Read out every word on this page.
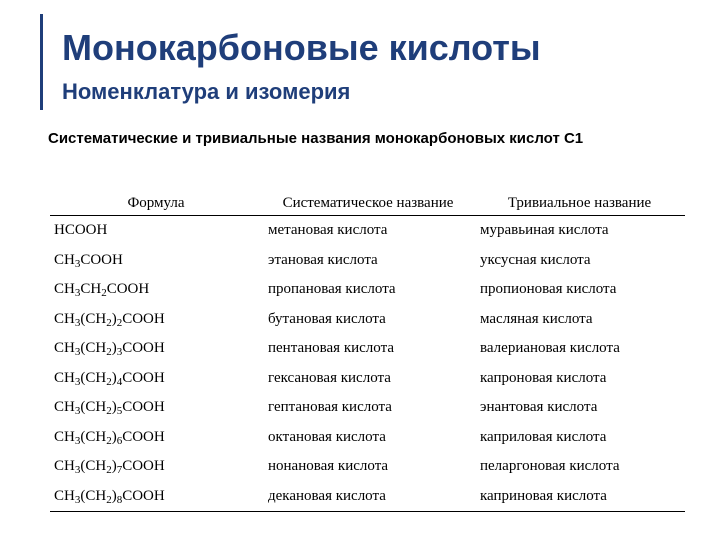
Монокарбоновые кислоты
Номенклатура и изомерия

Систематические и тривиальные названия монокарбоновых кислот С1

Формула	Систематическое название	Тривиальное название
HCOOH	метановая кислота	муравьиная кислота
$CH_3COOH$	этановая кислота	уксусная кислота
$CH_3CH_2COOH$	пропановая кислота	пропионовая кислота
$CH_3(CH_2)_2COOH$	бутановая кислота	масляная кислота
$CH_3(CH_2)_3COOH$	пентановая кислота	валериановая кислота
$CH_3(CH_2)_4COOH$	гексановая кислота	капроновая кислота
$CH_3(CH_2)_5COOH$	гептановая кислота	энантовая кислота
$CH_3(CH_2)_6COOH$	октановая кислота	каприловая кислота
$CH_3(CH_2)_7COOH$	нонановая кислота	пеларгоновая кислота
$CH_3(CH_2)_8COOH$	декановая кислота	каприновая кислота
